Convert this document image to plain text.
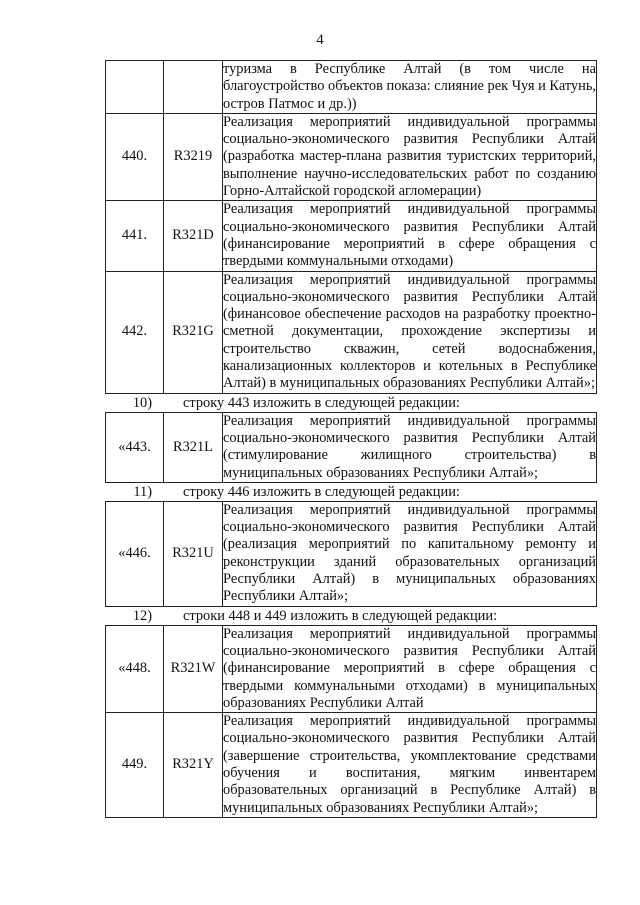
4
		туризма в Республике Алтай (в том числе на благоустройство объектов показа: слияние рек Чуя и Катунь, остров Патмос и др.))
440.	R3219	Реализация мероприятий индивидуальной программы социально-экономического развития Республики Алтай (разработка мастер-плана развития туристских территорий, выполнение научно-исследовательских работ по созданию Горно-Алтайской городской агломерации)
441.	R321D	Реализация мероприятий индивидуальной программы социально-экономического развития Республики Алтай (финансирование мероприятий в сфере обращения с твердыми коммунальными отходами)
442.	R321G	Реализация мероприятий индивидуальной программы социально-экономического развития Республики Алтай (финансовое обеспечение расходов на разработку проектно-сметной документации, прохождение экспертизы и строительство скважин, сетей водоснабжения, канализационных коллекторов и котельных в Республике Алтай) в муниципальных образованиях Республики Алтай»;
10) строку 443 изложить в следующей редакции:
«443.	R321L	Реализация мероприятий индивидуальной программы социально-экономического развития Республики Алтай (стимулирование жилищного строительства) в муниципальных образованиях Республики Алтай»;
11) строку 446 изложить в следующей редакции:
«446.	R321U	Реализация мероприятий индивидуальной программы социально-экономического развития Республики Алтай (реализация мероприятий по капитальному ремонту и реконструкции зданий образовательных организаций Республики Алтай) в муниципальных образованиях Республики Алтай»;
12) строки 448 и 449 изложить в следующей редакции:
«448.	R321W	Реализация мероприятий индивидуальной программы социально-экономического развития Республики Алтай (финансирование мероприятий в сфере обращения с твердыми коммунальными отходами) в муниципальных образованиях Республики Алтай
449.	R321Y	Реализация мероприятий индивидуальной программы социально-экономического развития Республики Алтай (завершение строительства, укомплектование средствами обучения и воспитания, мягким инвентарем образовательных организаций в Республике Алтай) в муниципальных образованиях Республики Алтай»;
